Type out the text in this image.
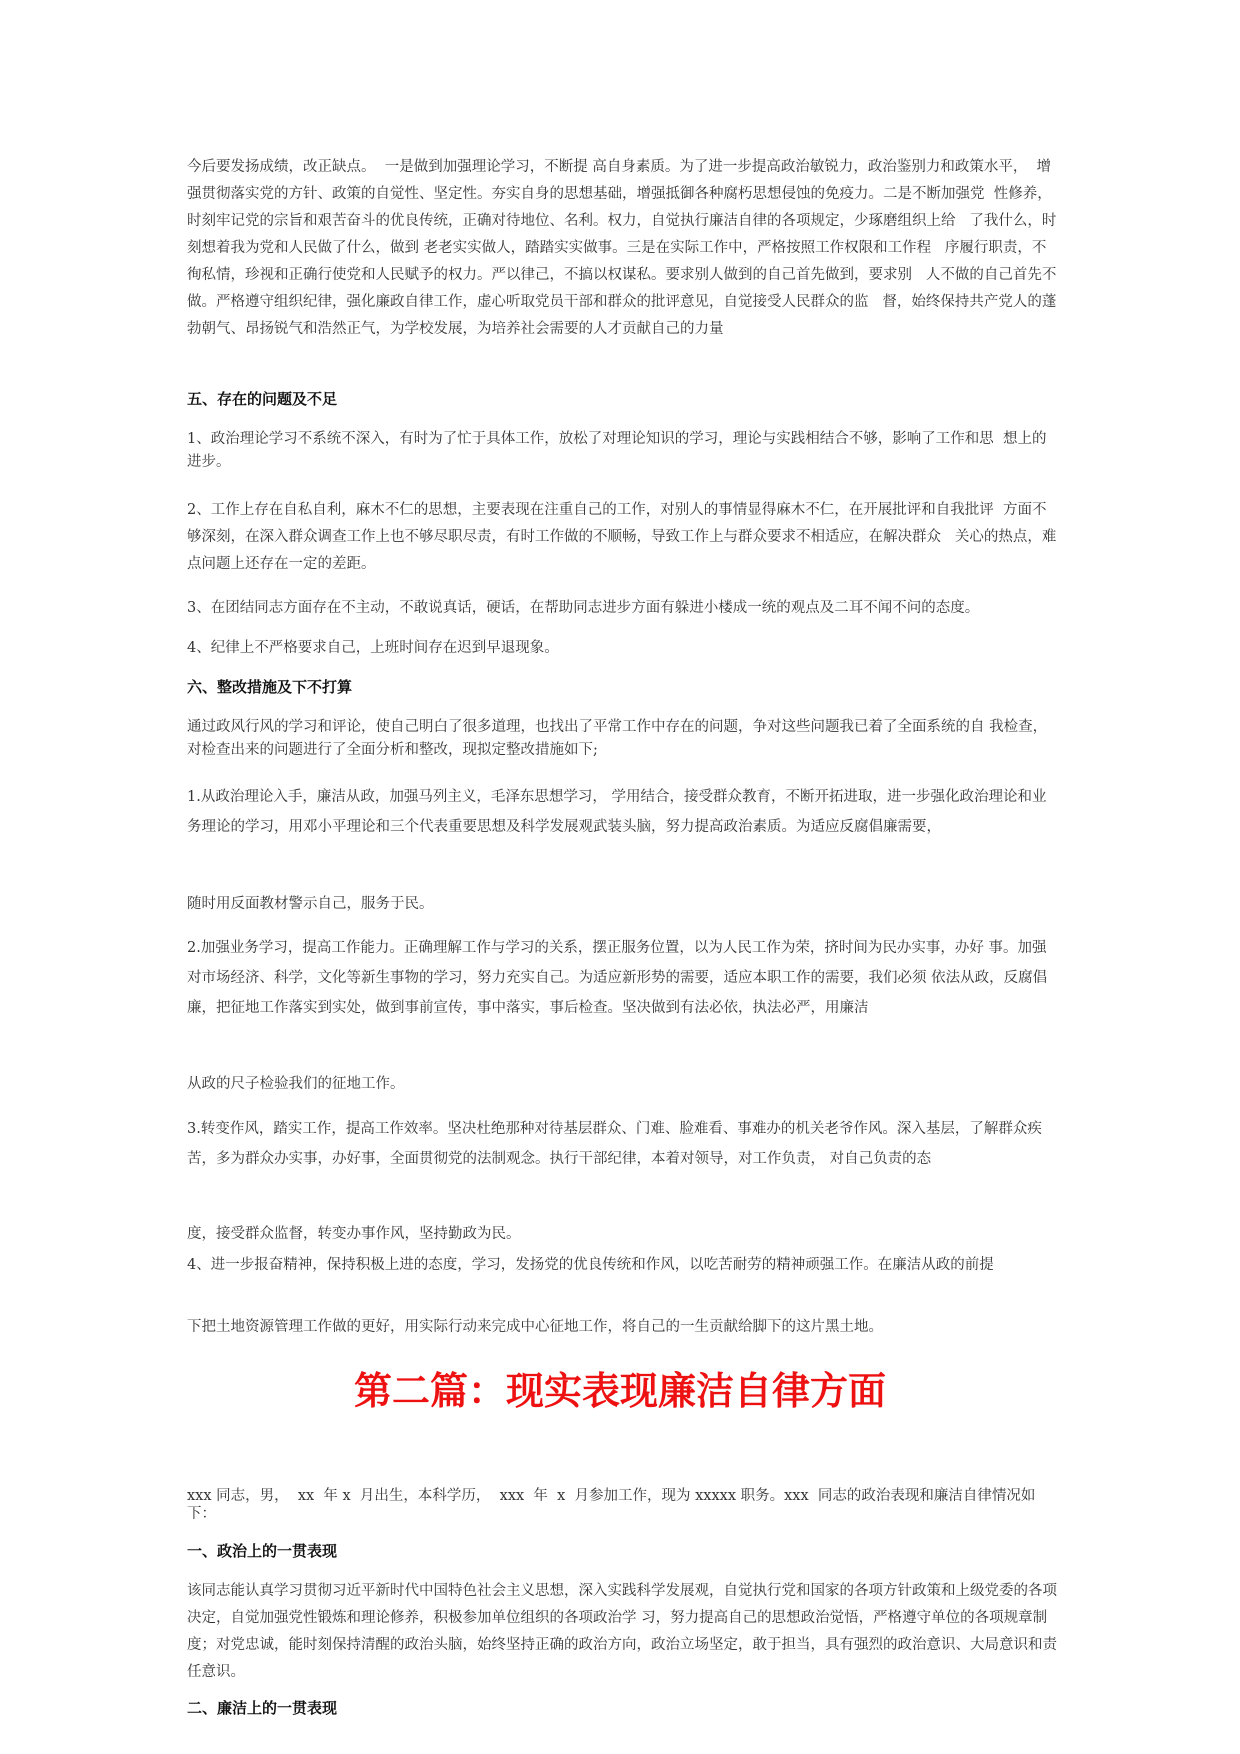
今后要发扬成绩，改正缺点。  一是做到加强理论学习，不断提 高自身素质。为了进一步提高政治敏锐力，政治鉴别力和政策水平，  增强贯彻落实党的方针、政策的自觉性、坚定性。夯实自身的思想基础，增强抵御各种腐朽思想侵蚀的免疫力。二是不断加强党  性修养，时刻牢记党的宗旨和艰苦奋斗的优良传统，正确对待地位、名利。权力，自觉执行廉洁自律的各项规定，少琢磨组织上给   了我什么，时刻想着我为党和人民做了什么，做到 老老实实做人，踏踏实实做事。三是在实际工作中，严格按照工作权限和工作程   序履行职责，不徇私情，珍视和正确行使党和人民赋予的权力。严以律己，不搞以权谋私。要求别人做到的自己首先做到，要求别   人不做的自己首先不做。严格遵守组织纪律，强化廉政自律工作，虚心听取党员干部和群众的批评意见，自觉接受人民群众的监   督，始终保持共产党人的蓬勃朝气、昂扬锐气和浩然正气，为学校发展，为培养社会需要的人才贡献自己的力量

五、存在的问题及不足

1、政治理论学习不系统不深入，有时为了忙于具体工作，放松了对理论知识的学习，理论与实践相结合不够，影响了工作和思  想上的进步。

2、工作上存在自私自利，麻木不仁的思想，主要表现在注重自己的工作，对别人的事情显得麻木不仁，在开展批评和自我批评  方面不够深刻，在深入群众调查工作上也不够尽职尽责，有时工作做的不顺畅，导致工作上与群众要求不相适应，在解决群众   关心的热点，难点问题上还存在一定的差距。

3、在团结同志方面存在不主动，不敢说真话，硬话，在帮助同志进步方面有躲进小楼成一统的观点及二耳不闻不问的态度。

4、纪律上不严格要求自己，上班时间存在迟到早退现象。

六、整改措施及下不打算

通过政风行风的学习和评论，使自己明白了很多道理，也找出了平常工作中存在的问题，争对这些问题我已着了全面系统的自 我检查，对检查出来的问题进行了全面分析和整改，现拟定整改措施如下;

1.从政治理论入手，廉洁从政，加强马列主义，毛泽东思想学习， 学用结合，接受群众教育，不断开拓进取，进一步强化政治理论和业务理论的学习，用邓小平理论和三个代表重要思想及科学发展观武装头脑，努力提高政治素质。为适应反腐倡廉需要，

随时用反面教材警示自己，服务于民。

2.加强业务学习，提高工作能力。正确理解工作与学习的关系，摆正服务位置，以为人民工作为荣，挤时间为民办实事，办好 事。加强对市场经济、科学，文化等新生事物的学习，努力充实自己。为适应新形势的需要，适应本职工作的需要，我们必须 依法从政，反腐倡廉，把征地工作落实到实处，做到事前宣传，事中落实，事后检查。坚决做到有法必依，执法必严，用廉洁

从政的尺子检验我们的征地工作。

3.转变作风，踏实工作，提高工作效率。坚决杜绝那种对待基层群众、门难、脸难看、事难办的机关老爷作风。深入基层，了解群众疾苦，多为群众办实事，办好事，全面贯彻党的法制观念。执行干部纪律，本着对领导，对工作负责， 对自己负责的态

度，接受群众监督，转变办事作风，坚持勤政为民。

4、进一步报奋精神，保持积极上进的态度，学习，发扬党的优良传统和作风，以吃苦耐劳的精神顽强工作。在廉洁从政的前提

下把土地资源管理工作做的更好，用实际行动来完成中心征地工作，将自己的一生贡献给脚下的这片黑土地。

第二篇：现实表现廉洁自律方面

xxx 同志，男，  xx  年 x  月出生，本科学历，  xxx  年  x  月参加工作，现为 xxxxx 职务。xxx  同志的政治表现和廉洁自律情况如下：

一、政治上的一贯表现

该同志能认真学习贯彻习近平新时代中国特色社会主义思想，深入实践科学发展观，自觉执行党和国家的各项方针政策和上级党委的各项决定，自觉加强党性锻炼和理论修养，积极参加单位组织的各项政治学 习，努力提高自己的思想政治觉悟，严格遵守单位的各项规章制度；对党忠诚，能时刻保持清醒的政治头脑，始终坚持正确的政治方向，政治立场坚定，敢于担当，具有强烈的政治意识、大局意识和责任意识。

二、廉洁上的一贯表现
